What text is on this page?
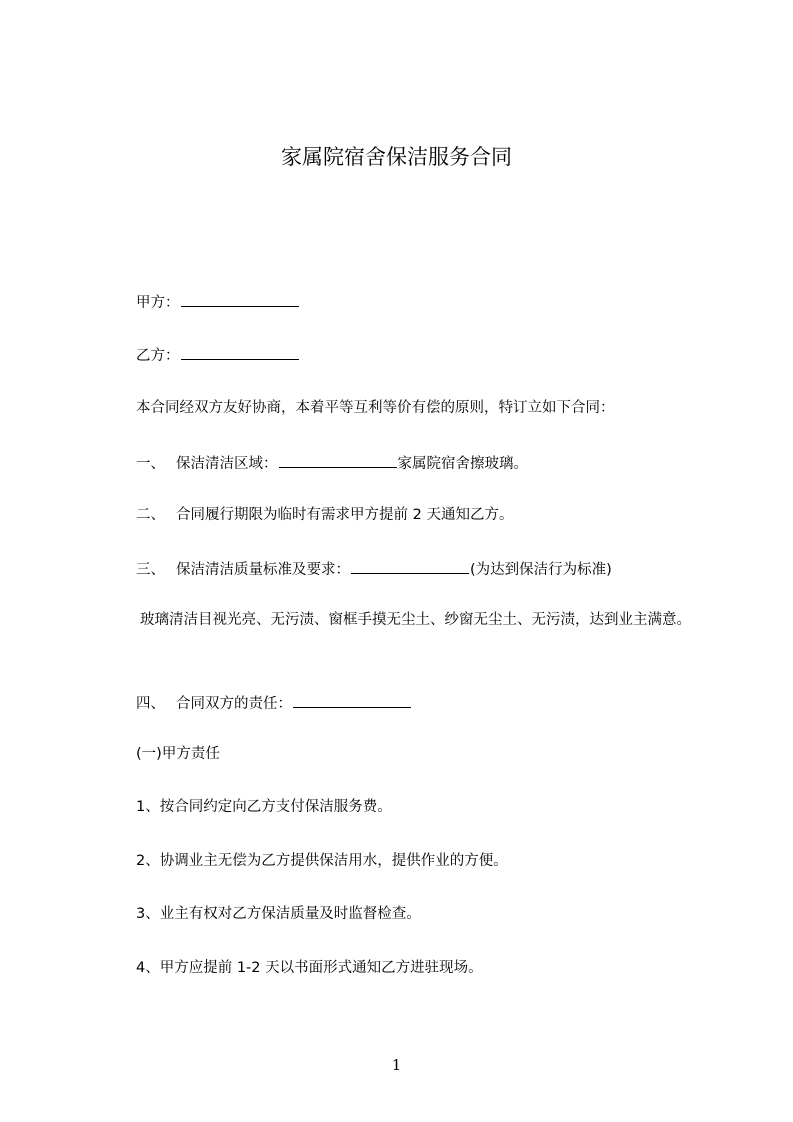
家属院宿舍保洁服务合同
甲方：
乙方：
本合同经双方友好协商，本着平等互利等价有偿的原则，特订立如下合同：
一、 保洁清洁区域：	家属院宿舍擦玻璃。
二、 合同履行期限为临时有需求甲方提前 2 天通知乙方。
三、 保洁清洁质量标准及要求：	(为达到保洁行为标准)
玻璃清洁目视光亮、无污渍、窗框手摸无尘土、纱窗无尘土、无污渍，达到业主满意。
四、 合同双方的责任：
(一)甲方责任
1、按合同约定向乙方支付保洁服务费。
2、协调业主无偿为乙方提供保洁用水，提供作业的方便。
3、业主有权对乙方保洁质量及时监督检查。
4、甲方应提前 1-2 天以书面形式通知乙方进驻现场。
1
